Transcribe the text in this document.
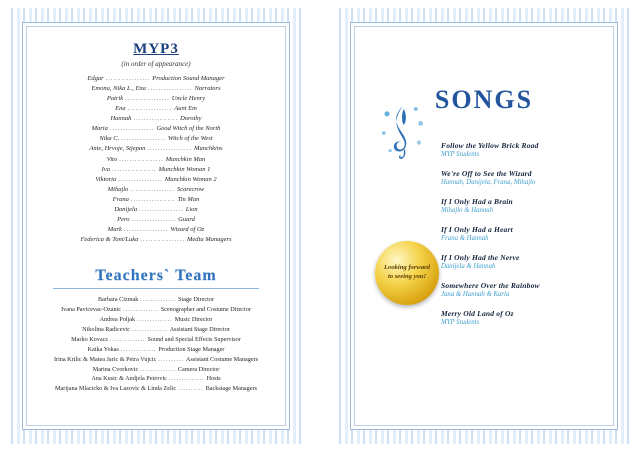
MYP3
(in order of appearance)
Edgar ................. Production Sound Manager
Emona, Nika L., Ena ................. Narrators
Patrik ................. Uncle Henry
Ena ................. Aunt Em
Hannah ................. Dorothy
Maria ................. Good Witch of the North
Nika C. ................. Witch of the West
Ante, Hrvoje, Stjepan ................. Munchkins
Vito ................. Munchkin Man
Iva ................. Munchkin Woman 1
Viktoria ................. Munchkin Woman 2
Mihajlo ................. Scarecrow
Frana ................. Tin Man
Danijela ................. Lion
Pero ................. Guard
Mark ................. Wizard of Oz
Federica & Toni/Luka ................. Media Managers
Teachers` Team
Barbara Cizmak .............. Stage Director
Ivana Pavicevac-Ozanic .............. Scenographer and Costume Director
Andrea Poljak .............. Music Director
Nikolina Radicevic .............. Assistant Stage Director
Marko Kovacs .............. Sound and Special Effects Supervisor
Katka Yokas .............. Production Stage Manager
Irina Krilic & Matea Jaric & Petra Vujcic .......... Assistant Costume Managers
Marina Cvorkovic .............. Camera Director
Ana Kusic & Andjela Petrovic .............. Hosts
Marijana Mlacicko & Iva Lazovic & Linda Zelic .......... Backstage Managers
SONGS
Follow the Yellow Brick Road
MYP Students
We're Off to See the Wizard
Hannah, Danijela, Frana, Mihajlo
If I Only Had a Brain
Mihajlo & Hannah
If I Only Had a Heart
Frana & Hannah
If I Only Had the Nerve
Danijela & Hannah
Somewhere Over the Rainbow
Jana & Hannah & Karla
Merry Old Land of Oz
MYP Students
Looking forward to seeing you!
